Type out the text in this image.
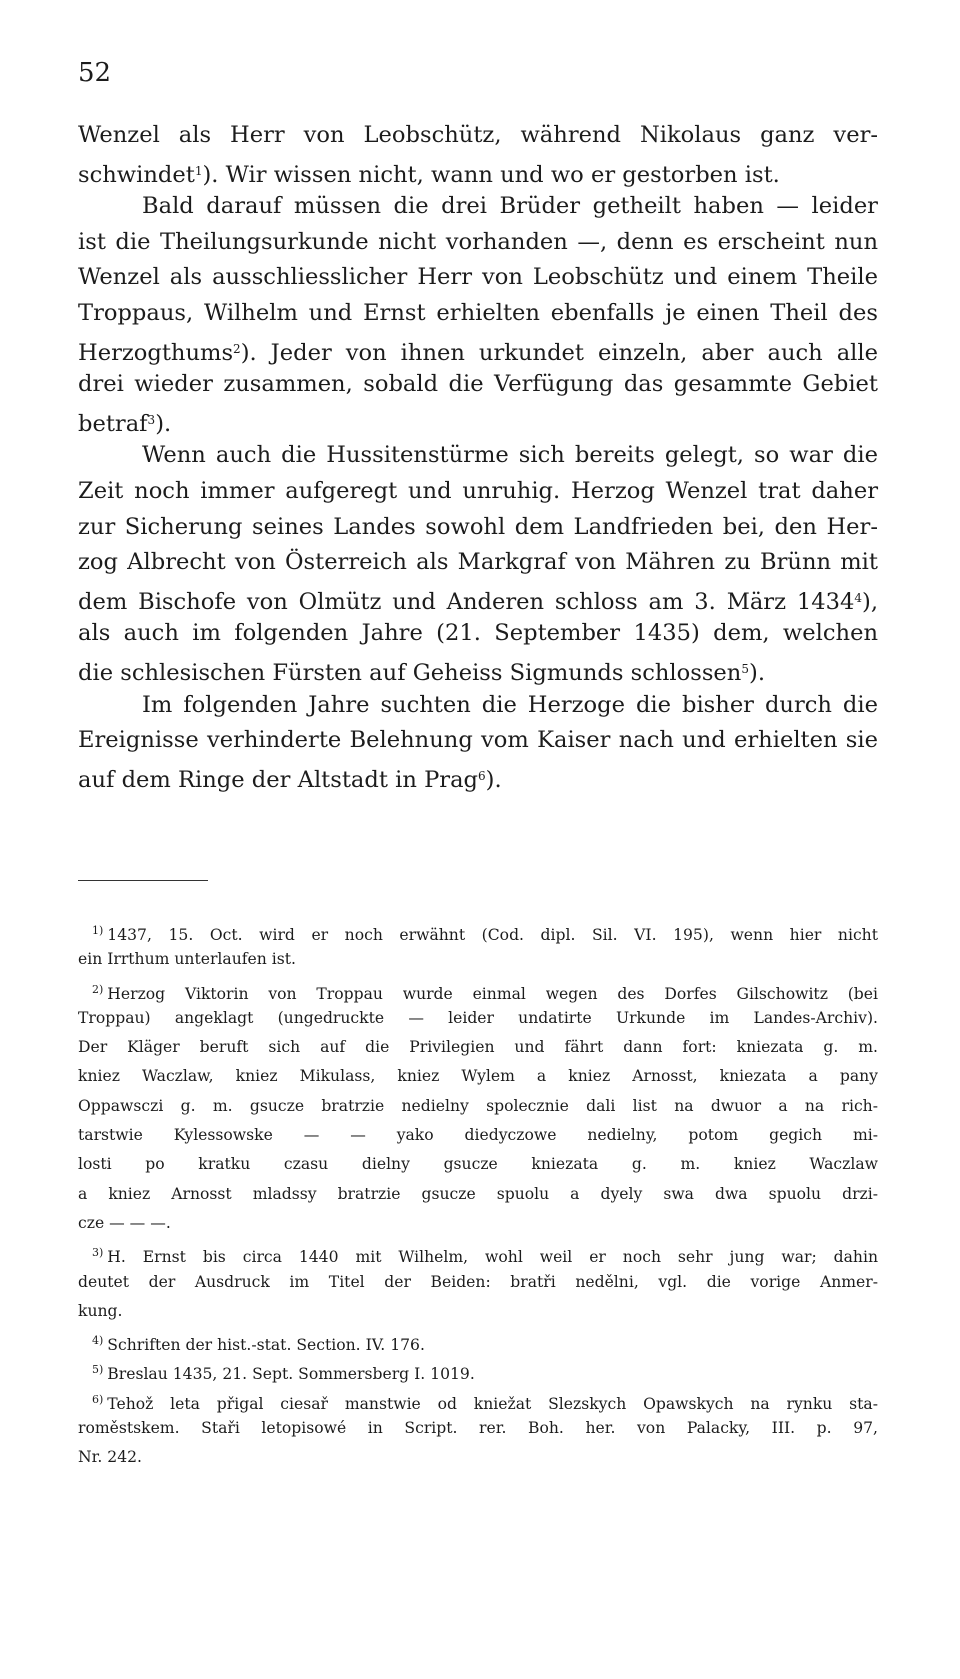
52
Wenzel als Herr von Leobschütz, während Nikolaus ganz ver-
schwindet$^1$). Wir wissen nicht, wann und wo er gestorben ist.
Bald darauf müssen die drei Brüder getheilt haben — leider
ist die Theilungsurkunde nicht vorhanden —, denn es erscheint nun
Wenzel als ausschliesslicher Herr von Leobschütz und einem Theile
Troppaus, Wilhelm und Ernst erhielten ebenfalls je einen Theil des
Herzogthums$^2$). Jeder von ihnen urkundet einzeln, aber auch alle
drei wieder zusammen, sobald die Verfügung das gesammte Gebiet
betraf$^3$).
Wenn auch die Hussitenstürme sich bereits gelegt, so war die
Zeit noch immer aufgeregt und unruhig. Herzog Wenzel trat daher
zur Sicherung seines Landes sowohl dem Landfrieden bei, den Her-
zog Albrecht von Österreich als Markgraf von Mähren zu Brünn mit
dem Bischofe von Olmütz und Anderen schloss am 3. März 1434$^4$),
als auch im folgenden Jahre (21. September 1435) dem, welchen
die schlesischen Fürsten auf Geheiss Sigmunds schlossen$^5$).
Im folgenden Jahre suchten die Herzoge die bisher durch die
Ereignisse verhinderte Belehnung vom Kaiser nach und erhielten sie
auf dem Ringe der Altstadt in Prag$^6$).
$^{1)}$ 1437, 15. Oct. wird er noch erwähnt (Cod. dipl. Sil. VI. 195), wenn hier nicht
ein Irrthum unterlaufen ist.
$^{2)}$ Herzog Viktorin von Troppau wurde einmal wegen des Dorfes Gilschowitz (bei
Troppau) angeklagt (ungedruckte — leider undatirte Urkunde im Landes-Archiv).
Der Kläger beruft sich auf die Privilegien und fährt dann fort: kniezata g. m.
kniez Waczlaw, kniez Mikulass, kniez Wylem a kniez Arnosst, kniezata a pany
Oppawsczi g. m. gsucze bratrzie nedielny spolecznie dali list na dwuor a na rich-
tarstwie Kylessowske — — yako diedyczowe nedielny, potom gegich mi-
losti po kratku czasu dielny gsucze kniezata g. m. kniez Waczlaw
a kniez Arnosst mladssy bratrzie gsucze spuolu a dyely swa dwa spuolu drzi-
cze — — —.
$^{3)}$ H. Ernst bis circa 1440 mit Wilhelm, wohl weil er noch sehr jung war; dahin
deutet der Ausdruck im Titel der Beiden: bratři nedělni, vgl. die vorige Anmer-
kung.
$^{4)}$ Schriften der hist.-stat. Section. IV. 176.
$^{5)}$ Breslau 1435, 21. Sept. Sommersberg I. 1019.
$^{6)}$ Tehož leta přigal ciesař manstwie od kniežat Slezskych Opawskych na rynku sta-
roměstskem. Staři letopisowé in Script. rer. Boh. her. von Palacky, III. p. 97,
Nr. 242.
